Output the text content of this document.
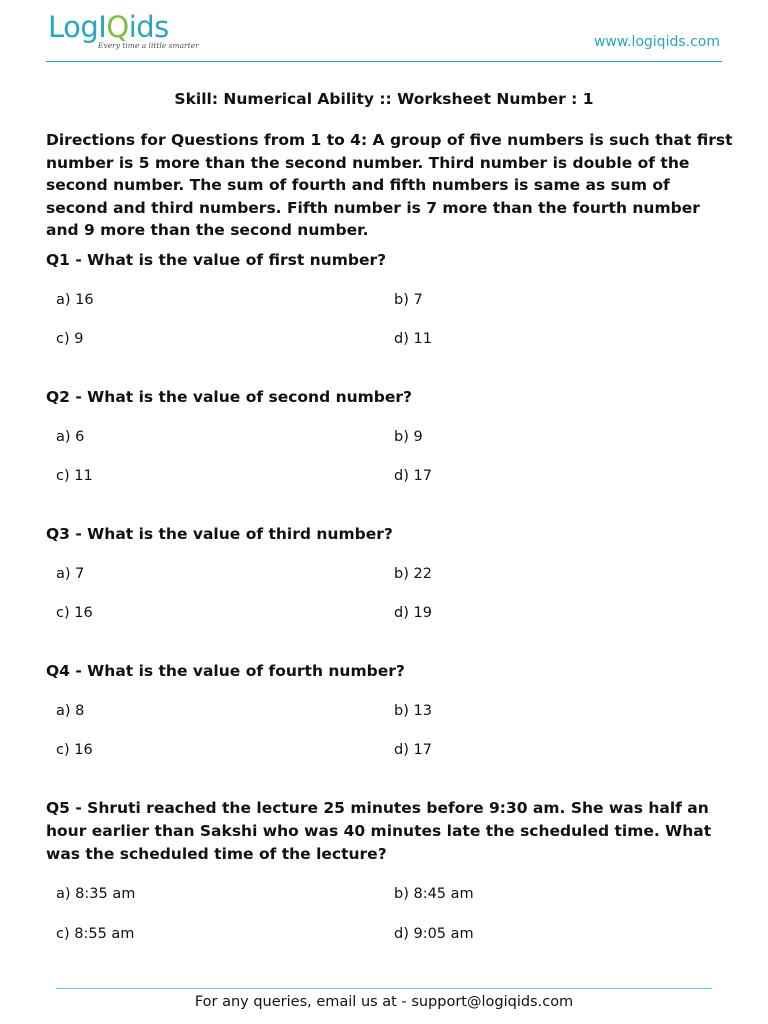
LogIQids
Every time a little smarter	www.logiqids.com
Skill: Numerical Ability :: Worksheet Number : 1
Directions for Questions from 1 to 4: A group of five numbers is such that first number is 5 more than the second number. Third number is double of the second number. The sum of fourth and fifth numbers is same as sum of second and third numbers. Fifth number is 7 more than the fourth number and 9 more than the second number.
Q1 - What is the value of first number?
a) 16	b) 7
c) 9	d) 11
Q2 - What is the value of second number?
a) 6	b) 9
c) 11	d) 17
Q3 - What is the value of third number?
a) 7	b) 22
c) 16	d) 19
Q4 - What is the value of fourth number?
a) 8	b) 13
c) 16	d) 17
Q5 - Shruti reached the lecture 25 minutes before 9:30 am. She was half an hour earlier than Sakshi who was 40 minutes late the scheduled time. What was the scheduled time of the lecture?
a) 8:35 am	b) 8:45 am
c) 8:55 am	d) 9:05 am
For any queries, email us at - support@logiqids.com
